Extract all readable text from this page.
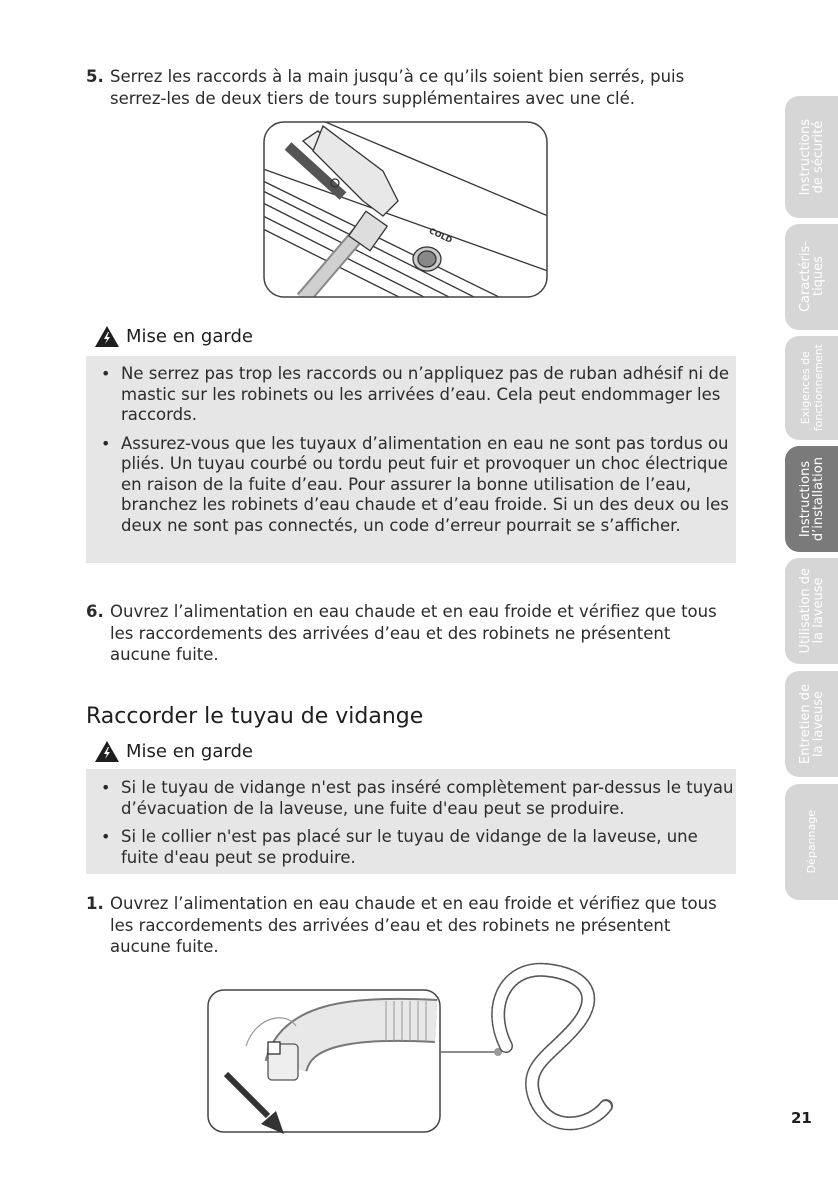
5. Serrez les raccords à la main jusqu’à ce qu’ils soient bien serrés, puis serrez-les de deux tiers de tours supplémentaires avec une clé.
COLD
Mise en garde
• Ne serrez pas trop les raccords ou n’appliquez pas de ruban adhésif ni de mastic sur les robinets ou les arrivées d’eau. Cela peut endommager les raccords.
• Assurez-vous que les tuyaux d’alimentation en eau ne sont pas tordus ou pliés. Un tuyau courbé ou tordu peut fuir et provoquer un choc électrique en raison de la fuite d’eau. Pour assurer la bonne utilisation de l’eau, branchez les robinets d’eau chaude et d’eau froide. Si un des deux ou les deux ne sont pas connectés, un code d’erreur pourrait se s’afficher.
6. Ouvrez l’alimentation en eau chaude et en eau froide et vérifiez que tous les raccordements des arrivées d’eau et des robinets ne présentent aucune fuite.
Raccorder le tuyau de vidange
Mise en garde
• Si le tuyau de vidange n'est pas inséré complètement par-dessus le tuyau d’évacuation de la laveuse, une fuite d'eau peut se produire.
• Si le collier n'est pas placé sur le tuyau de vidange de la laveuse, une fuite d'eau peut se produire.
1. Ouvrez l’alimentation en eau chaude et en eau froide et vérifiez que tous les raccordements des arrivées d’eau et des robinets ne présentent aucune fuite.
Instructions
de sécurité
Caractéris-
tiques
Exigences de
fonctionnement
Instructions
d’installation
Utilisation de
la laveuse
Entretien de
la laveuse
Dépannage
21
